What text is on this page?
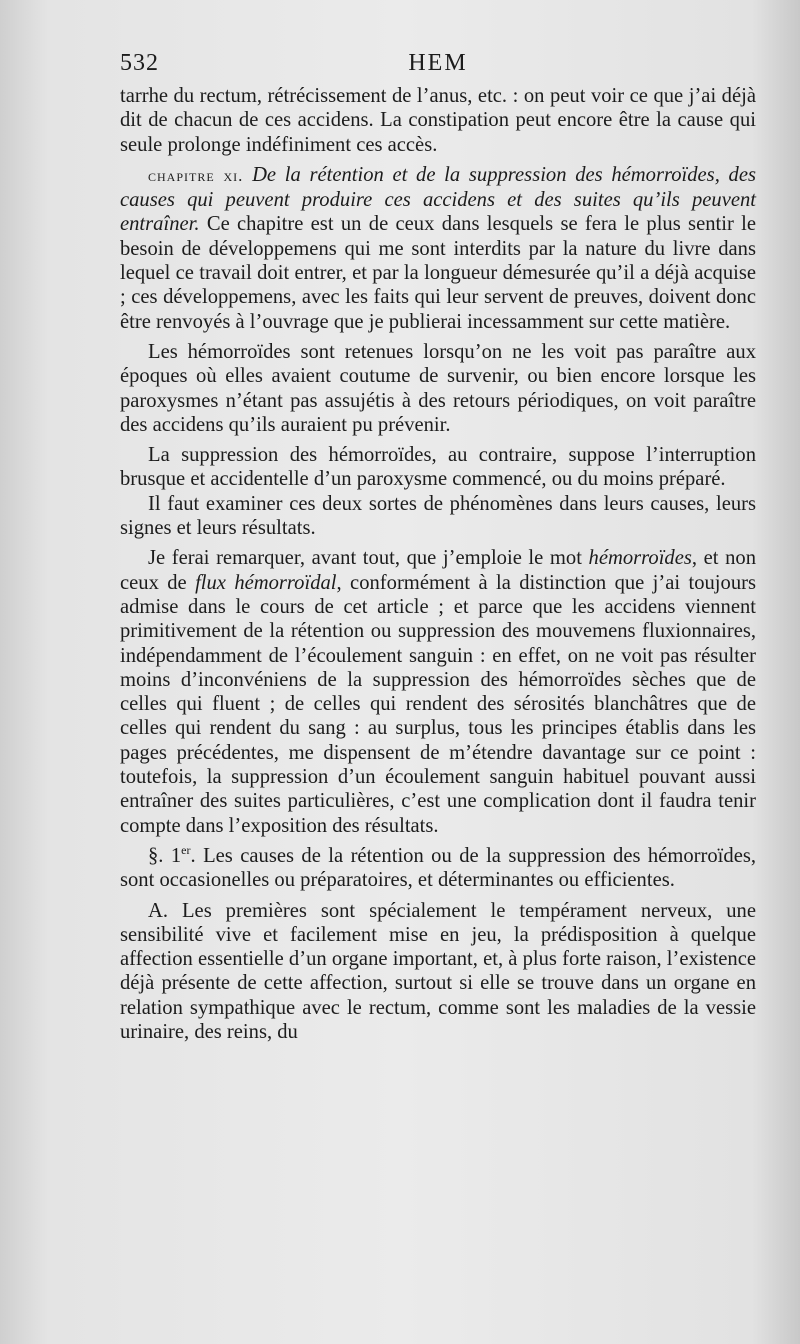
532	HEM

tarrhe du rectum, rétrécissement de l’anus, etc. : on peut voir ce que j’ai déjà dit de chacun de ces accidens. La constipation peut encore être la cause qui seule prolonge indéfiniment ces accès.

chapitre xi. De la rétention et de la suppression des hémorroïdes, des causes qui peuvent produire ces accidens et des suites qu’ils peuvent entraîner. Ce chapitre est un de ceux dans lesquels se fera le plus sentir le besoin de développemens qui me sont interdits par la nature du livre dans lequel ce travail doit entrer, et par la longueur démesurée qu’il a déjà acquise ; ces développemens, avec les faits qui leur servent de preuves, doivent donc être renvoyés à l’ouvrage que je publierai incessamment sur cette matière.

Les hémorroïdes sont retenues lorsqu’on ne les voit pas paraître aux époques où elles avaient coutume de survenir, ou bien encore lorsque les paroxysmes n’étant pas assujétis à des retours périodiques, on voit paraître des accidens qu’ils auraient pu prévenir.

La suppression des hémorroïdes, au contraire, suppose l’interruption brusque et accidentelle d’un paroxysme commencé, ou du moins préparé.

Il faut examiner ces deux sortes de phénomènes dans leurs causes, leurs signes et leurs résultats.

Je ferai remarquer, avant tout, que j’emploie le mot hémorroïdes, et non ceux de flux hémorroïdal, conformément à la distinction que j’ai toujours admise dans le cours de cet article ; et parce que les accidens viennent primitivement de la rétention ou suppression des mouvemens fluxionnaires, indépendamment de l’écoulement sanguin : en effet, on ne voit pas résulter moins d’inconvéniens de la suppression des hémorroïdes sèches que de celles qui fluent ; de celles qui rendent des sérosités blanchâtres que de celles qui rendent du sang : au surplus, tous les principes établis dans les pages précédentes, me dispensent de m’étendre davantage sur ce point : toutefois, la suppression d’un écoulement sanguin habituel pouvant aussi entraîner des suites particulières, c’est une complication dont il faudra tenir compte dans l’exposition des résultats.

§. 1er. Les causes de la rétention ou de la suppression des hémorroïdes, sont occasionelles ou préparatoires, et déterminantes ou efficientes.

A. Les premières sont spécialement le tempérament nerveux, une sensibilité vive et facilement mise en jeu, la prédisposition à quelque affection essentielle d’un organe important, et, à plus forte raison, l’existence déjà présente de cette affection, surtout si elle se trouve dans un organe en relation sympathique avec le rectum, comme sont les maladies de la vessie urinaire, des reins, du
